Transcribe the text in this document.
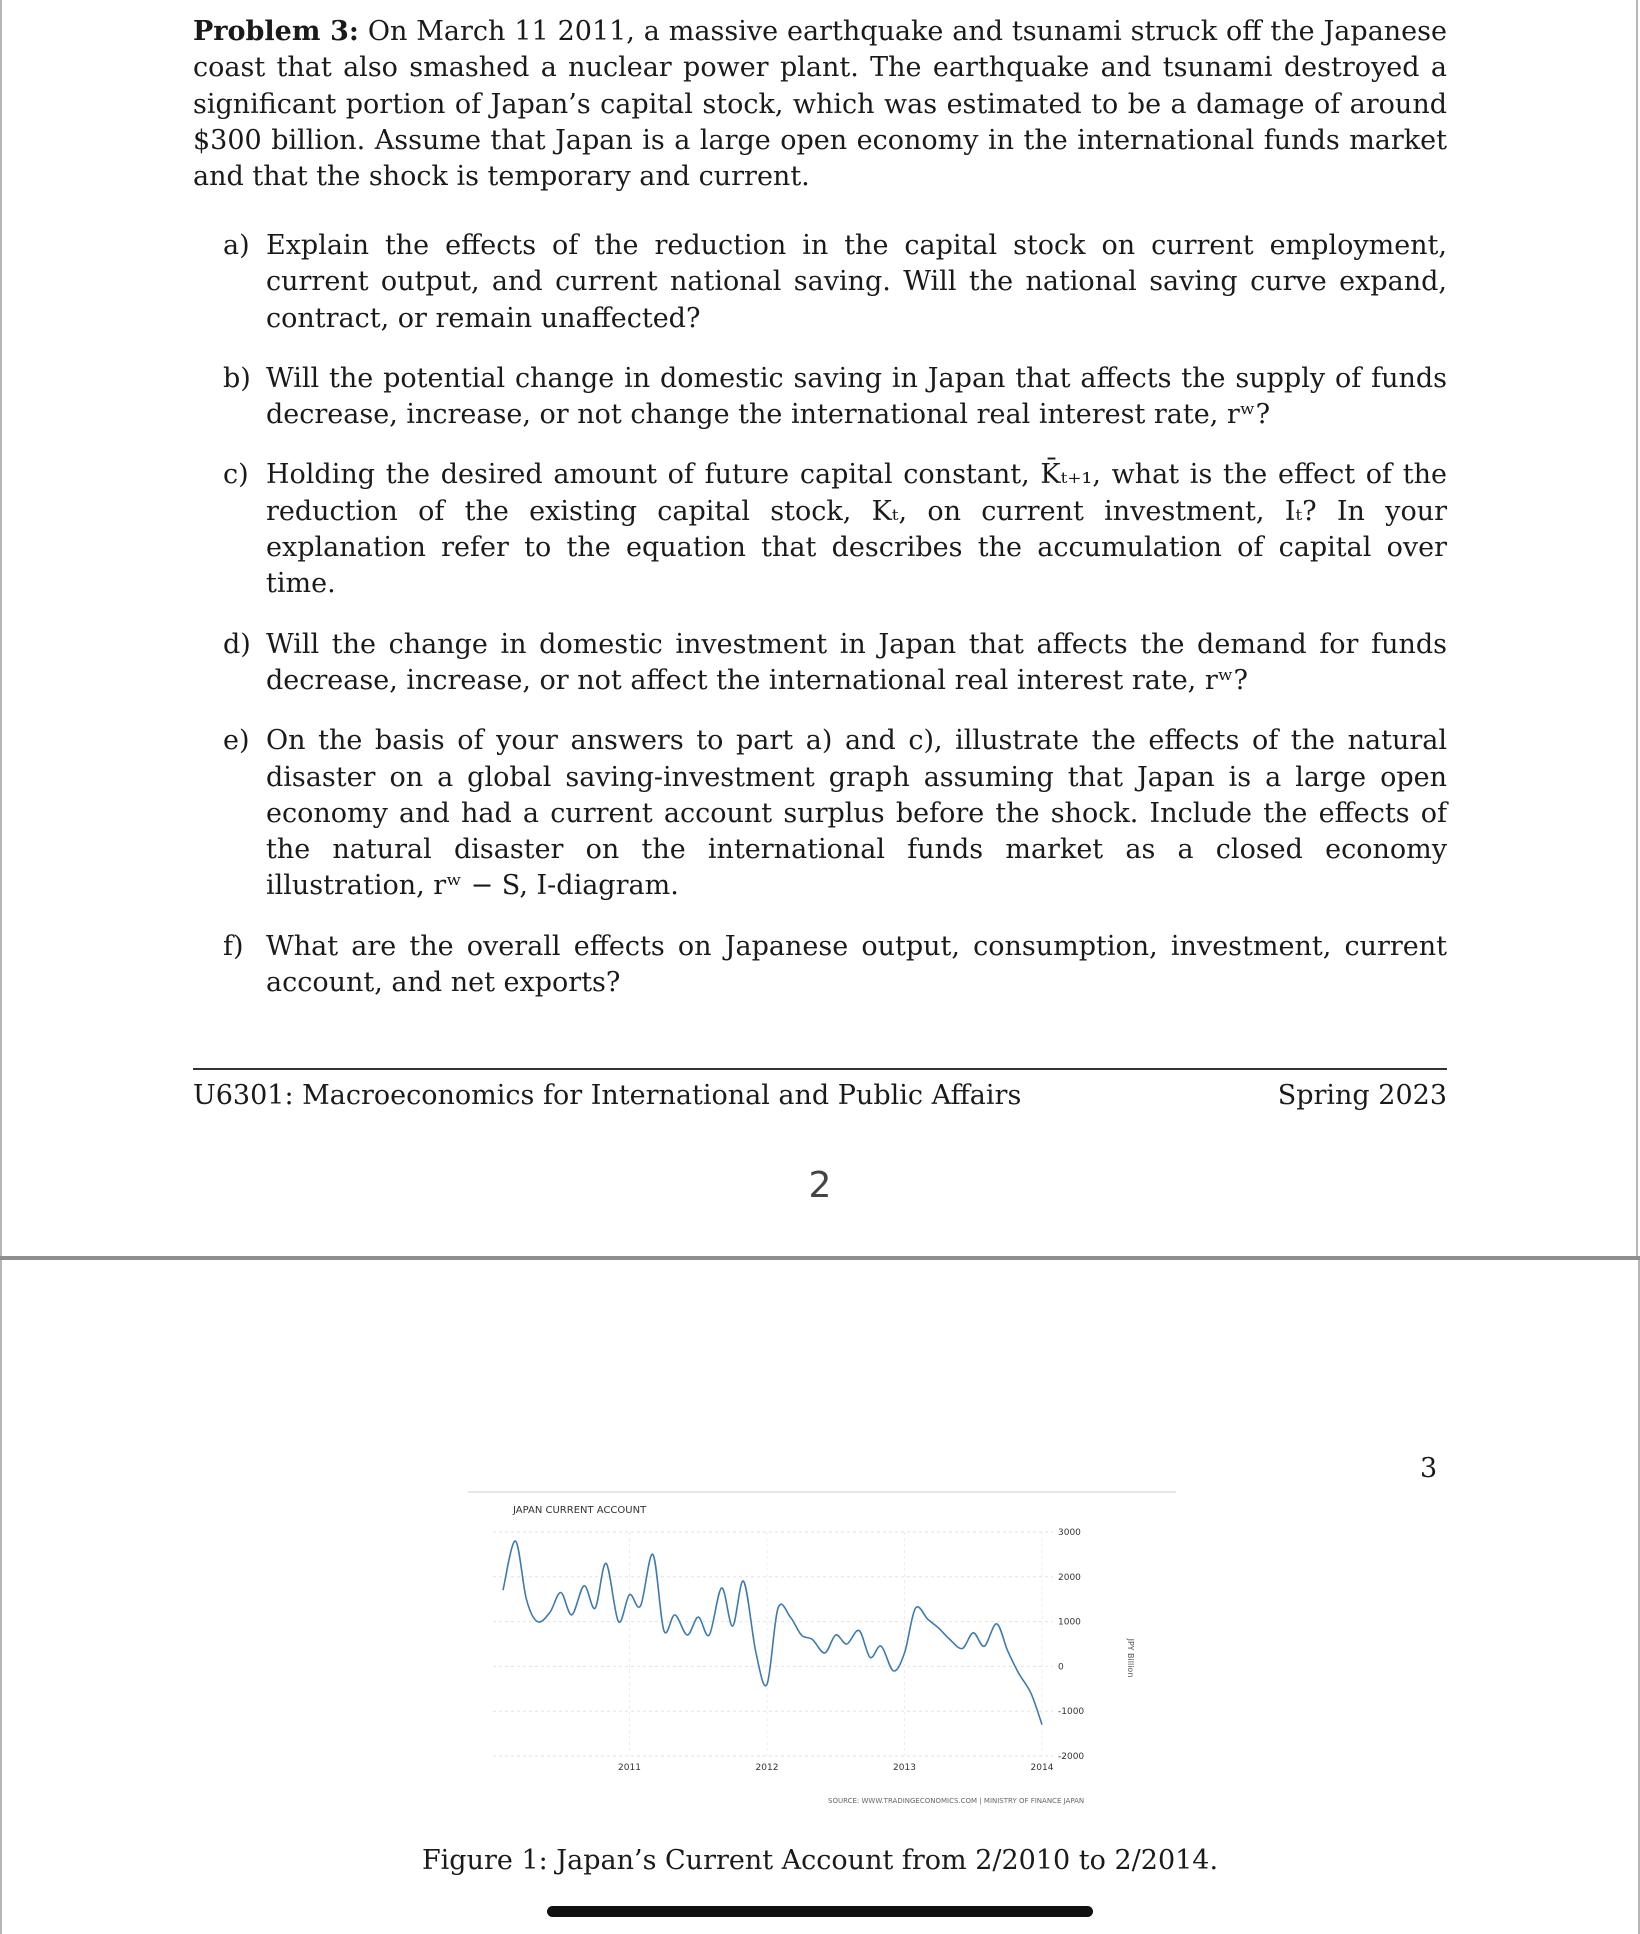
Problem 3: On March 11 2011, a massive earthquake and tsunami struck off the Japanese coast that also smashed a nuclear power plant. The earthquake and tsunami destroyed a significant portion of Japan’s capital stock, which was estimated to be a damage of around $300 billion. Assume that Japan is a large open economy in the international funds market and that the shock is temporary and current.
a) Explain the effects of the reduction in the capital stock on current employment, current output, and current national saving. Will the national saving curve expand, contract, or remain unaffected?
b) Will the potential change in domestic saving in Japan that affects the supply of funds decrease, increase, or not change the international real interest rate, rʷ?
c) Holding the desired amount of future capital constant, K̄ₜ₊₁, what is the effect of the reduction of the existing capital stock, Kₜ, on current investment, Iₜ? In your explanation refer to the equation that describes the accumulation of capital over time.
d) Will the change in domestic investment in Japan that affects the demand for funds decrease, increase, or not affect the international real interest rate, rʷ?
e) On the basis of your answers to part a) and c), illustrate the effects of the natural disaster on a global saving-investment graph assuming that Japan is a large open economy and had a current account surplus before the shock. Include the effects of the natural disaster on the international funds market as a closed economy illustration, rʷ − S, I-diagram.
f) What are the overall effects on Japanese output, consumption, investment, current account, and net exports?
U6301: Macroeconomics for International and Public Affairs	Spring 2023
2
3
JAPAN CURRENT ACCOUNT
3000
2000
1000
0
-1000
-2000
2011	2012	2013	2014
JPY Billion
SOURCE: WWW.TRADINGECONOMICS.COM | MINISTRY OF FINANCE JAPAN
Figure 1: Japan’s Current Account from 2/2010 to 2/2014.
